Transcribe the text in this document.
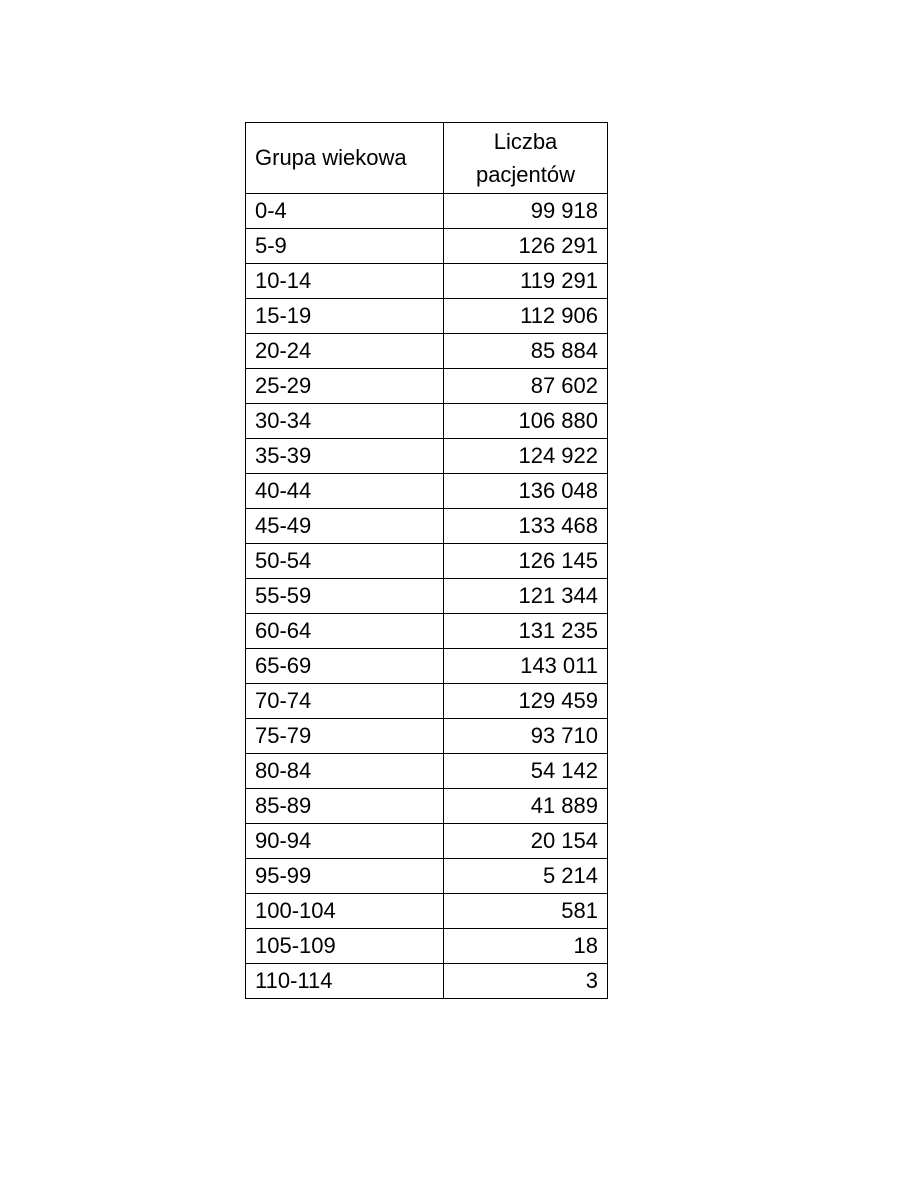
Grupa wiekowa	Liczba pacjentów
0-4	99 918
5-9	126 291
10-14	119 291
15-19	112 906
20-24	85 884
25-29	87 602
30-34	106 880
35-39	124 922
40-44	136 048
45-49	133 468
50-54	126 145
55-59	121 344
60-64	131 235
65-69	143 011
70-74	129 459
75-79	93 710
80-84	54 142
85-89	41 889
90-94	20 154
95-99	5 214
100-104	581
105-109	18
110-114	3
